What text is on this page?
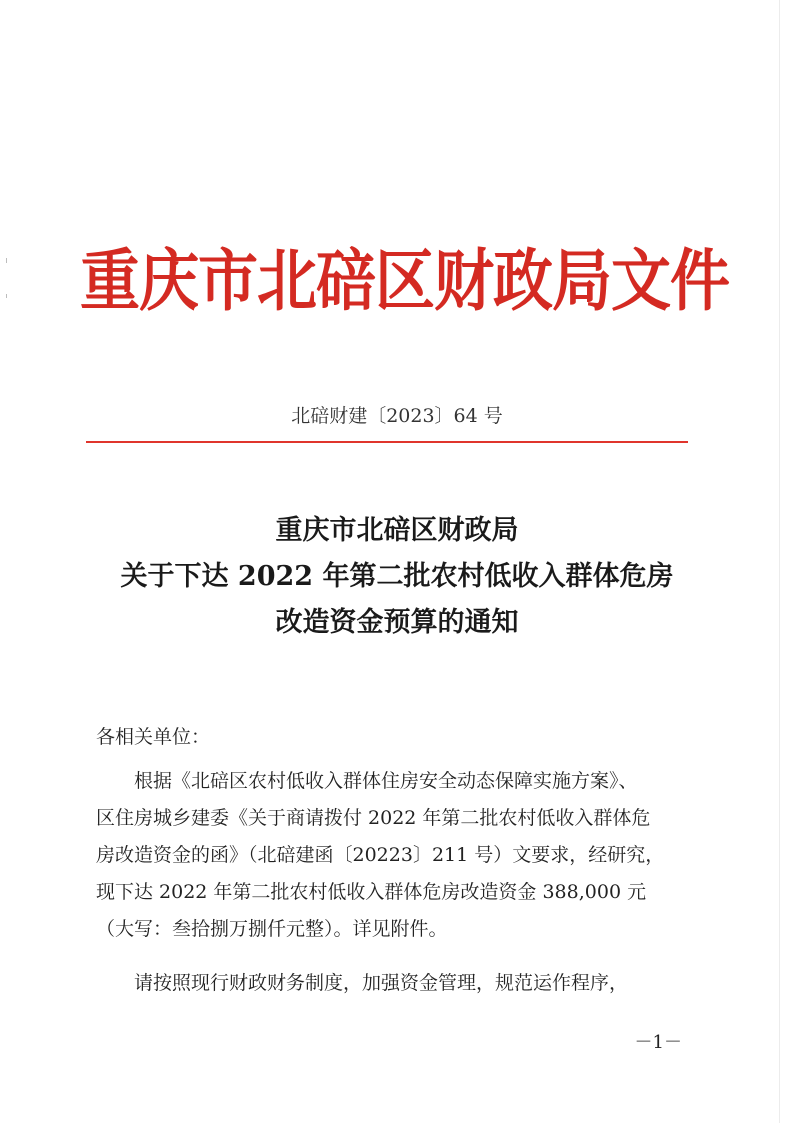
重庆市北碚区财政局文件
北碚财建〔2023〕64 号
重庆市北碚区财政局
关于下达 2022 年第二批农村低收入群体危房
改造资金预算的通知
各相关单位：
根据《北碚区农村低收入群体住房安全动态保障实施方案》、
区住房城乡建委《关于商请拨付 2022 年第二批农村低收入群体危
房改造资金的函》（北碚建函〔20223〕211 号）文要求，经研究，
现下达 2022 年第二批农村低收入群体危房改造资金 388,000 元
（大写：叁拾捌万捌仟元整）。详见附件。
请按照现行财政财务制度，加强资金管理，规范运作程序，
－1－
